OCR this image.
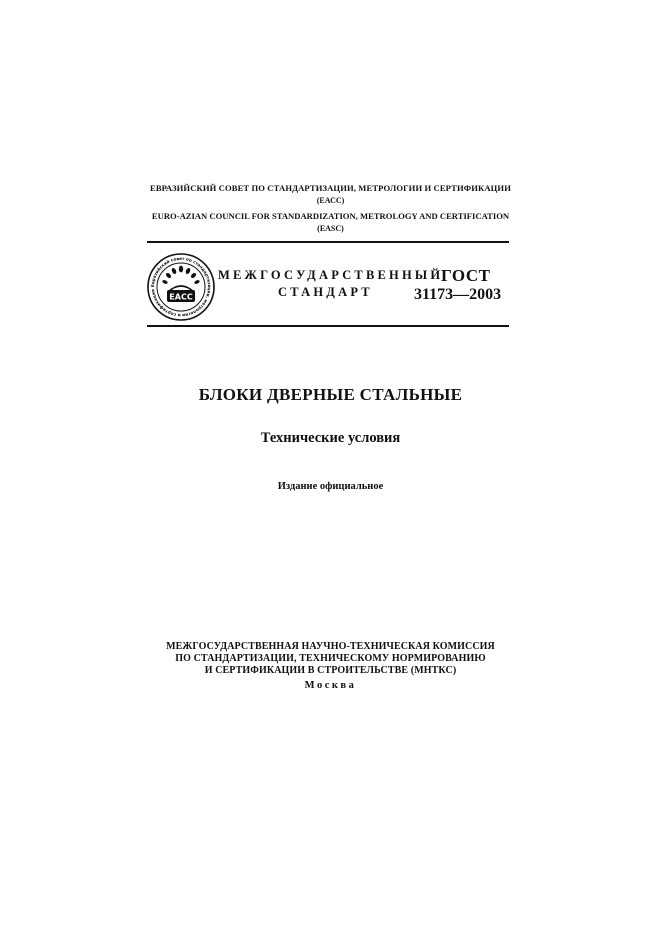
ЕВРАЗИЙСКИЙ СОВЕТ ПО СТАНДАРТИЗАЦИИ, МЕТРОЛОГИИ И СЕРТИФИКАЦИИ
(ЕАСС)
EURO-AZIAN COUNCIL FOR STANDARDIZATION, METROLOGY AND CERTIFICATION
(EASC)
Евразийский совет по стандартизации, метрологии и сертификации
EACC
МЕЖГОСУДАРСТВЕННЫЙ
СТАНДАРТ
ГОСТ
31173—2003
БЛОКИ ДВЕРНЫЕ СТАЛЬНЫЕ
Технические условия
Издание официальное
МЕЖГОСУДАРСТВЕННАЯ НАУЧНО-ТЕХНИЧЕСКАЯ КОМИССИЯ
ПО СТАНДАРТИЗАЦИИ, ТЕХНИЧЕСКОМУ НОРМИРОВАНИЮ
И СЕРТИФИКАЦИИ В СТРОИТЕЛЬСТВЕ (МНТКС)
Москва
